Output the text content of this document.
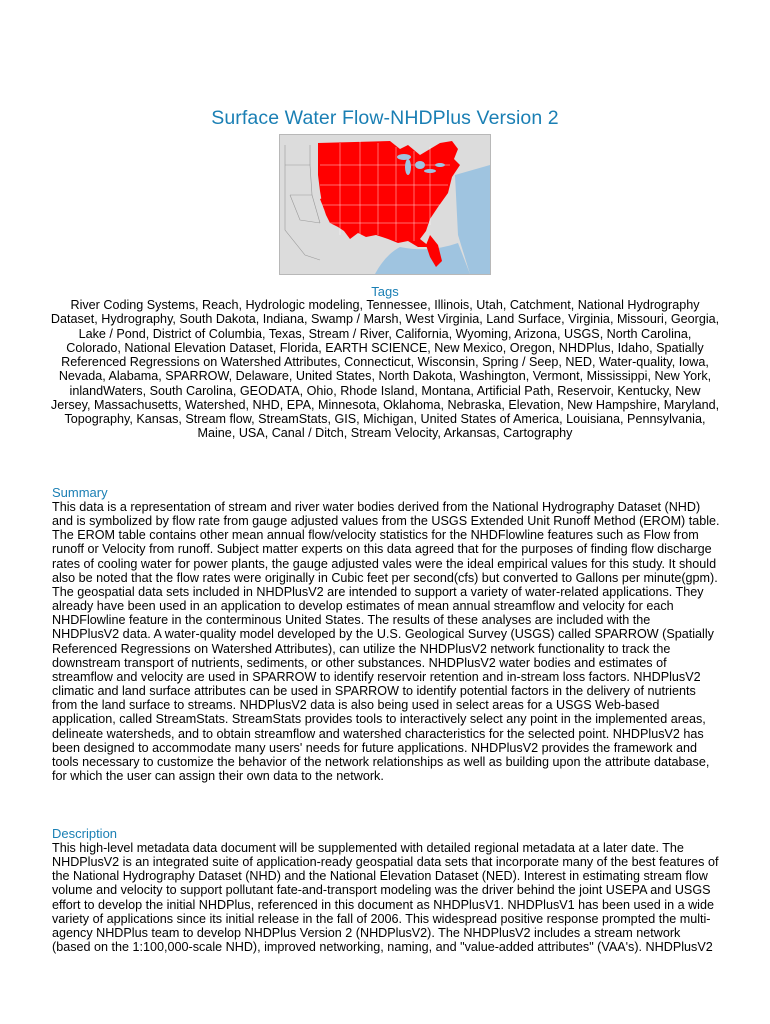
Surface Water Flow-NHDPlus Version 2
Tags
River Coding Systems, Reach, Hydrologic modeling, Tennessee, Illinois, Utah, Catchment, National Hydrography Dataset, Hydrography, South Dakota, Indiana, Swamp / Marsh, West Virginia, Land Surface, Virginia, Missouri, Georgia, Lake / Pond, District of Columbia, Texas, Stream / River, California, Wyoming, Arizona, USGS, North Carolina, Colorado, National Elevation Dataset, Florida, EARTH SCIENCE, New Mexico, Oregon, NHDPlus, Idaho, Spatially Referenced Regressions on Watershed Attributes, Connecticut, Wisconsin, Spring / Seep, NED, Water-quality, Iowa, Nevada, Alabama, SPARROW, Delaware, United States, North Dakota, Washington, Vermont, Mississippi, New York, inlandWaters, South Carolina, GEODATA, Ohio, Rhode Island, Montana, Artificial Path, Reservoir, Kentucky, New Jersey, Massachusetts, Watershed, NHD, EPA, Minnesota, Oklahoma, Nebraska, Elevation, New Hampshire, Maryland, Topography, Kansas, Stream flow, StreamStats, GIS, Michigan, United States of America, Louisiana, Pennsylvania, Maine, USA, Canal / Ditch, Stream Velocity, Arkansas, Cartography
Summary
This data is a representation of stream and river water bodies derived from the National Hydrography Dataset (NHD) and is symbolized by flow rate from gauge adjusted values from the USGS Extended Unit Runoff Method (EROM) table. The EROM table contains other mean annual flow/velocity statistics for the NHDFlowline features such as Flow from runoff or Velocity from runoff. Subject matter experts on this data agreed that for the purposes of finding flow discharge rates of cooling water for power plants, the gauge adjusted vales were the ideal empirical values for this study. It should also be noted that the flow rates were originally in Cubic feet per second(cfs) but converted to Gallons per minute(gpm). The geospatial data sets included in NHDPlusV2 are intended to support a variety of water-related applications. They already have been used in an application to develop estimates of mean annual streamflow and velocity for each NHDFlowline feature in the conterminous United States. The results of these analyses are included with the NHDPlusV2 data. A water-quality model developed by the U.S. Geological Survey (USGS) called SPARROW (Spatially Referenced Regressions on Watershed Attributes), can utilize the NHDPlusV2 network functionality to track the downstream transport of nutrients, sediments, or other substances. NHDPlusV2 water bodies and estimates of streamflow and velocity are used in SPARROW to identify reservoir retention and in-stream loss factors. NHDPlusV2 climatic and land surface attributes can be used in SPARROW to identify potential factors in the delivery of nutrients from the land surface to streams. NHDPlusV2 data is also being used in select areas for a USGS Web-based application, called StreamStats. StreamStats provides tools to interactively select any point in the implemented areas, delineate watersheds, and to obtain streamflow and watershed characteristics for the selected point. NHDPlusV2 has been designed to accommodate many users' needs for future applications. NHDPlusV2 provides the framework and tools necessary to customize the behavior of the network relationships as well as building upon the attribute database, for which the user can assign their own data to the network.
Description
This high-level metadata data document will be supplemented with detailed regional metadata at a later date. The NHDPlusV2 is an integrated suite of application-ready geospatial data sets that incorporate many of the best features of the National Hydrography Dataset (NHD) and the National Elevation Dataset (NED). Interest in estimating stream flow volume and velocity to support pollutant fate-and-transport modeling was the driver behind the joint USEPA and USGS effort to develop the initial NHDPlus, referenced in this document as NHDPlusV1. NHDPlusV1 has been used in a wide variety of applications since its initial release in the fall of 2006. This widespread positive response prompted the multi-agency NHDPlus team to develop NHDPlus Version 2 (NHDPlusV2). The NHDPlusV2 includes a stream network (based on the 1:100,000-scale NHD), improved networking, naming, and "value-added attributes" (VAA's). NHDPlusV2
